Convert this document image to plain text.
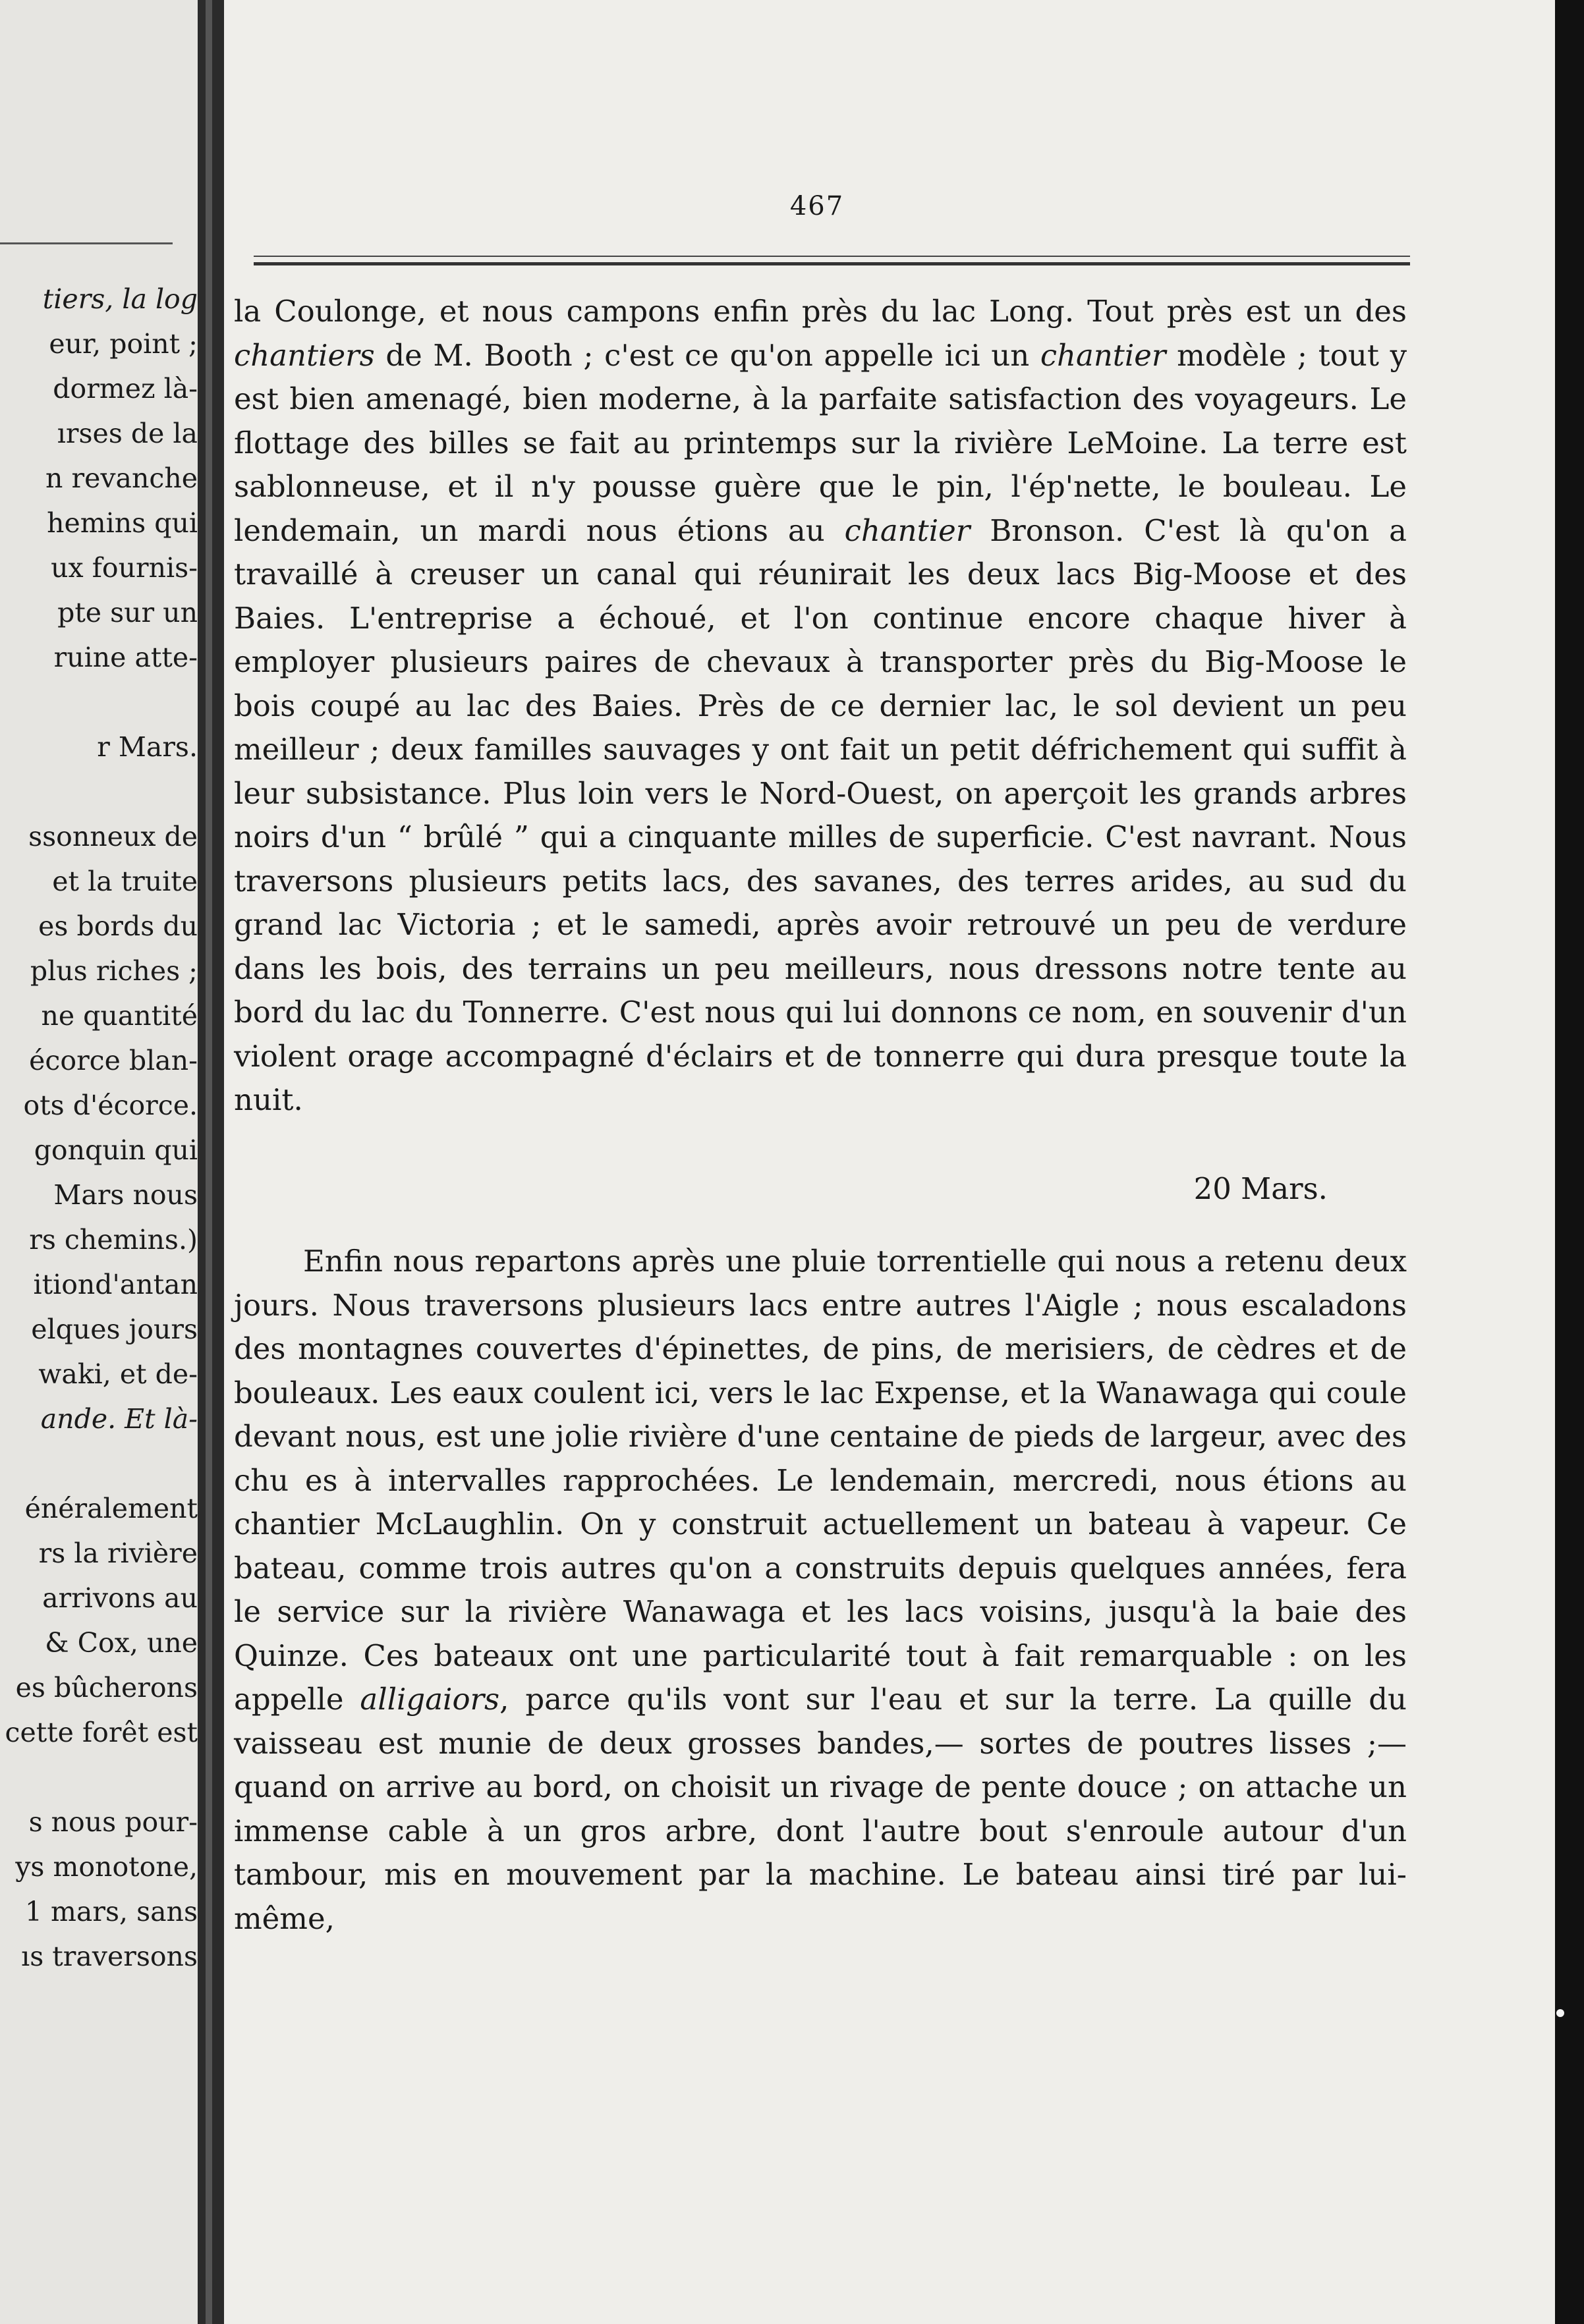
tiers, la log
eur, point ;
dormez là-
ırses de la
n revanche
hemins qui
ux fournis-
pte sur un
ruine atte-
r Mars.
ssonneux de
et la truite
es bords du
plus riches ;
ne quantité
écorce blan-
ots d'écorce.
gonquin qui
Mars nous
rs chemins.)
itiond'antan
elques jours
waki, et de-
ande. Et là-
énéralement
rs la rivière
arrivons au
& Cox, une
es bûcherons
cette forêt est
s nous pour-
ys monotone,
1 mars, sans
ıs traversons
467

la Coulonge, et nous campons enfin près du lac Long. Tout près est un des chantiers de M. Booth ; c'est ce qu'on appelle ici un chantier modèle ; tout y est bien amenagé, bien moderne, à la parfaite satisfaction des voyageurs. Le flottage des billes se fait au printemps sur la rivière LeMoine. La terre est sablonneuse, et il n'y pousse guère que le pin, l'ép'nette, le bouleau. Le lendemain, un mardi nous étions au chantier Bronson. C'est là qu'on a travaillé à creuser un canal qui réunirait les deux lacs Big-Moose et des Baies. L'entreprise a échoué, et l'on continue encore chaque hiver à employer plusieurs paires de chevaux à transporter près du Big-Moose le bois coupé au lac des Baies. Près de ce dernier lac, le sol devient un peu meilleur ; deux familles sauvages y ont fait un petit défrichement qui suffit à leur subsistance. Plus loin vers le Nord-Ouest, on aperçoit les grands arbres noirs d'un “ brûlé ” qui a cinquante milles de superficie. C'est navrant. Nous traversons plusieurs petits lacs, des savanes, des terres arides, au sud du grand lac Victoria ; et le samedi, après avoir retrouvé un peu de verdure dans les bois, des terrains un peu meilleurs, nous dressons notre tente au bord du lac du Tonnerre. C'est nous qui lui donnons ce nom, en souvenir d'un violent orage accompagné d'éclairs et de tonnerre qui dura presque toute la nuit.

20 Mars.

Enfin nous repartons après une pluie torrentielle qui nous a retenu deux jours. Nous traversons plusieurs lacs entre autres l'Aigle ; nous escaladons des montagnes couvertes d'épinettes, de pins, de merisiers, de cèdres et de bouleaux. Les eaux coulent ici, vers le lac Expense, et la Wanawaga qui coule devant nous, est une jolie rivière d'une centaine de pieds de largeur, avec des chu es à intervalles rapprochées. Le lendemain, mercredi, nous étions au chantier McLaughlin. On y construit actuellement un bateau à vapeur. Ce bateau, comme trois autres qu'on a construits depuis quelques années, fera le service sur la rivière Wanawaga et les lacs voisins, jusqu'à la baie des Quinze. Ces bateaux ont une particularité tout à fait remarquable : on les appelle alligaiors, parce qu'ils vont sur l'eau et sur la terre. La quille du vaisseau est munie de deux grosses bandes,— sortes de poutres lisses ;—quand on arrive au bord, on choisit un rivage de pente douce ; on attache un immense cable à un gros arbre, dont l'autre bout s'enroule autour d'un tambour, mis en mouvement par la machine. Le bateau ainsi tiré par lui-même,
